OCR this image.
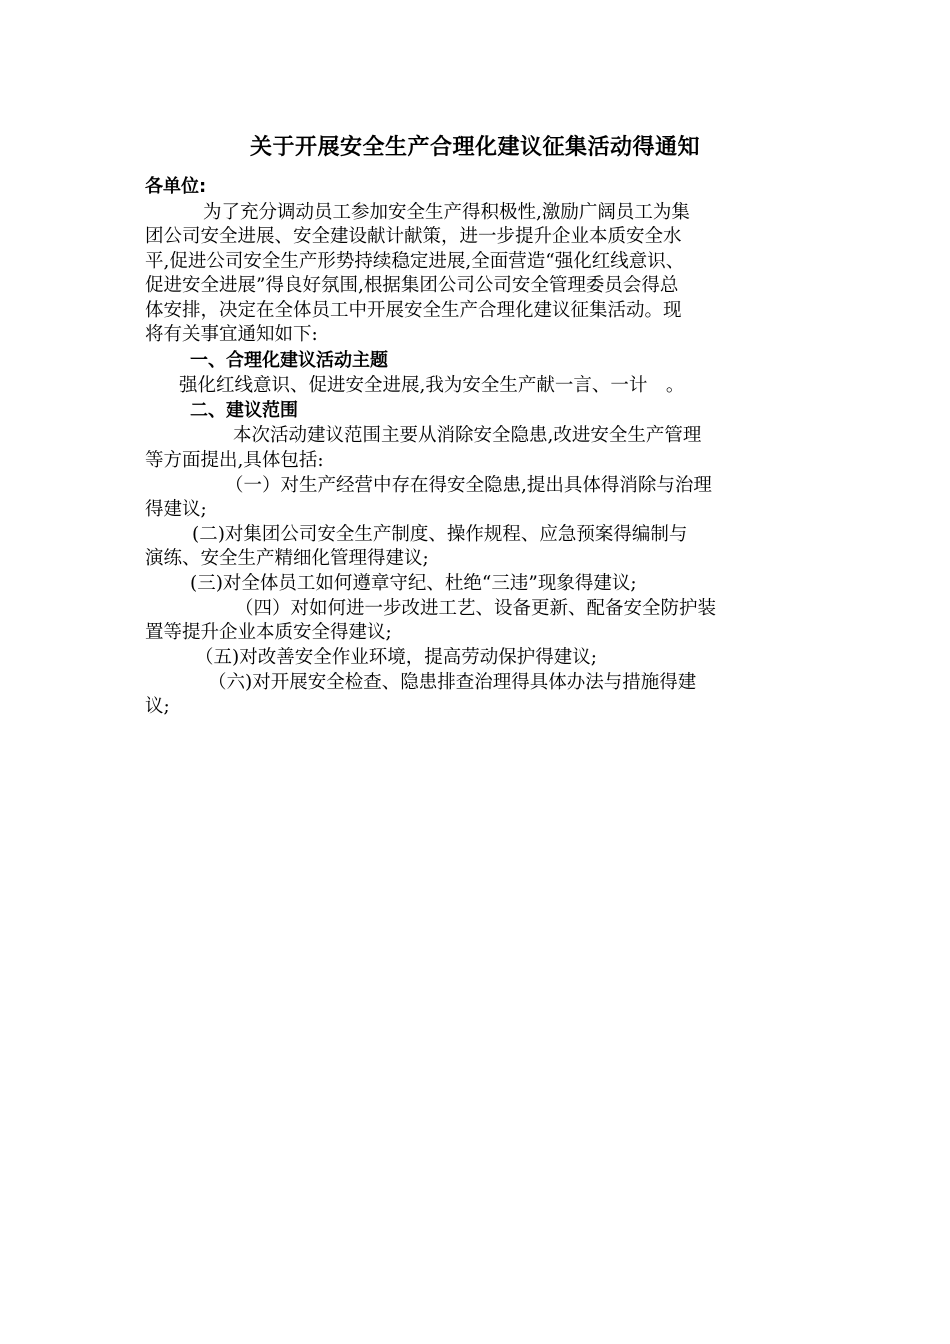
关于开展安全生产合理化建议征集活动得通知
各单位:
为了充分调动员工参加安全生产得积极性,激励广阔员工为集
团公司安全进展、安全建设献计献策，进一步提升企业本质安全水
平,促进公司安全生产形势持续稳定进展,全面营造“强化红线意识、
促进安全进展”得良好氛围,根据集团公司公司安全管理委员会得总
体安排，决定在全体员工中开展安全生产合理化建议征集活动。现
将有关事宜通知如下:
一、合理化建议活动主题
强化红线意识、促进安全进展,我为安全生产献一言、一计　。
二、建议范围
本次活动建议范围主要从消除安全隐患,改进安全生产管理
等方面提出,具体包括:
（一）对生产经营中存在得安全隐患,提出具体得消除与治理
得建议;
(二)对集团公司安全生产制度、操作规程、应急预案得编制与
演练、安全生产精细化管理得建议;
(三)对全体员工如何遵章守纪、杜绝“三违”现象得建议;
（四）对如何进一步改进工艺、设备更新、配备安全防护装
置等提升企业本质安全得建议;
（五)对改善安全作业环境，提高劳动保护得建议;
（六)对开展安全检查、隐患排查治理得具体办法与措施得建
议;
